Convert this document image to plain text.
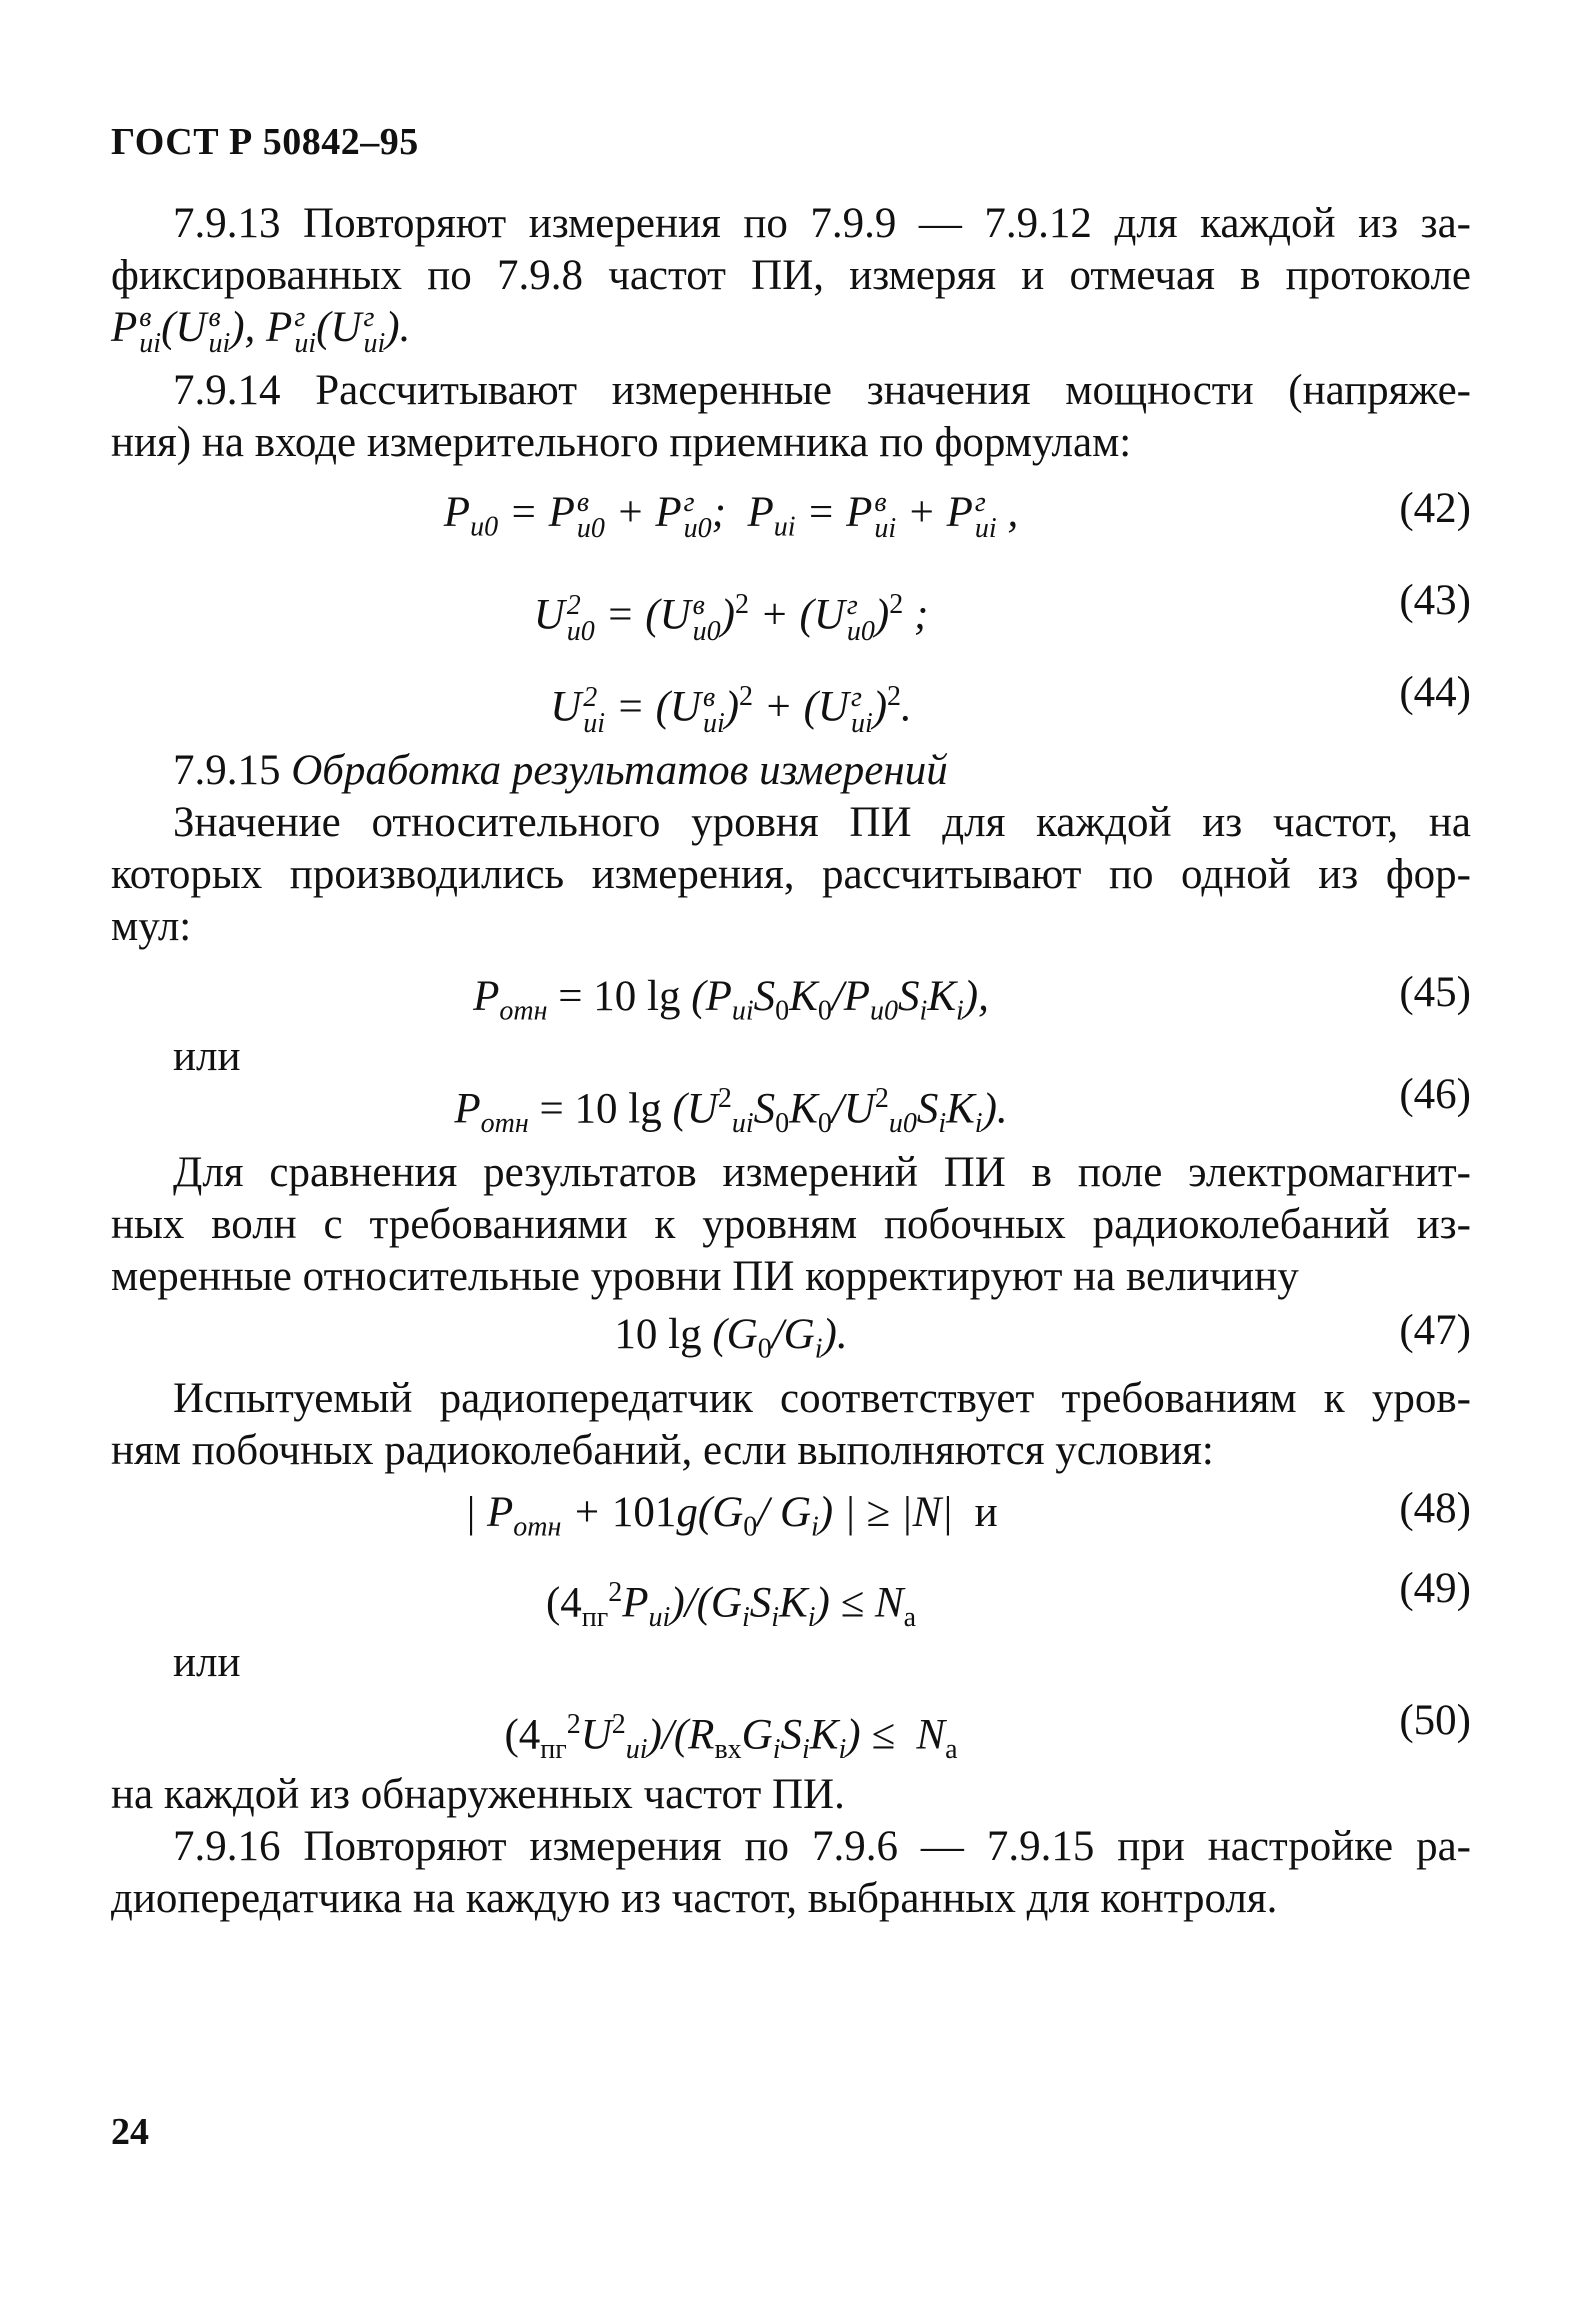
ГОСТ Р 50842–95

7.9.13 Повторяют измерения по 7.9.9 — 7.9.12 для каждой из за-

фиксированных по 7.9.8 частот ПИ, измеряя и отмечая в протоколе

P в
иi (U в
иi ), P г
иi (U г
иi ).

7.9.14 Рассчитывают измеренные значения мощности (напряже-

ния) на входе измерительного приемника по формулам:

$P_{и0} = P$ в
и0 + P г
и0 ;  $P_{иi} = P$ в
иi + P г
иi ,	(42)
U 2
и0 = (U в
и0 )$^2$ + (U г
и0 )$^2$ ;	(43)
U 2
иi = (U в
иi )$^2$ + (U г
иi )$^2$.	(44)

7.9.15 Обработка результатов измерений

Значение относительного уровня ПИ для каждой из частот, на

которых производились измерения, рассчитывают по одной из фор-

мул:

$P_{отн} = 10$ $\lg (P_{иi}S_0K_0/P_{и0}S_iK_i)$,	(45)

или

$P_{отн} = 10$ $\lg (U^2_{иi}S_0K_0/U^2_{и0}S_iK_i)$.	(46)

Для сравнения результатов измерений ПИ в поле электромагнит-

ных волн с требованиями к уровням побочных радиоколебаний из-

меренные относительные уровни ПИ корректируют на величину

10 $\lg (G_0/G_i)$.	(47)

Испытуемый радиопередатчик соответствует требованиям к уров-

ням побочных радиоколебаний, если выполняются условия:

| $P_{отн} + 101g(G_0/$ $G_i$) | ≥ |N|  и	(48)
$(4_{пг}^2P_{иi})/(G_iS_iK_i) \le N_а$
(49)

или

$(4_{пг}^2U^2_{иi})/(R_{вх}G_iS_iK_i) \le N_а$
(50)

на каждой из обнаруженных частот ПИ.

7.9.16 Повторяют измерения по 7.9.6 — 7.9.15 при настройке ра-

диопередатчика на каждую из частот, выбранных для контроля.

24
